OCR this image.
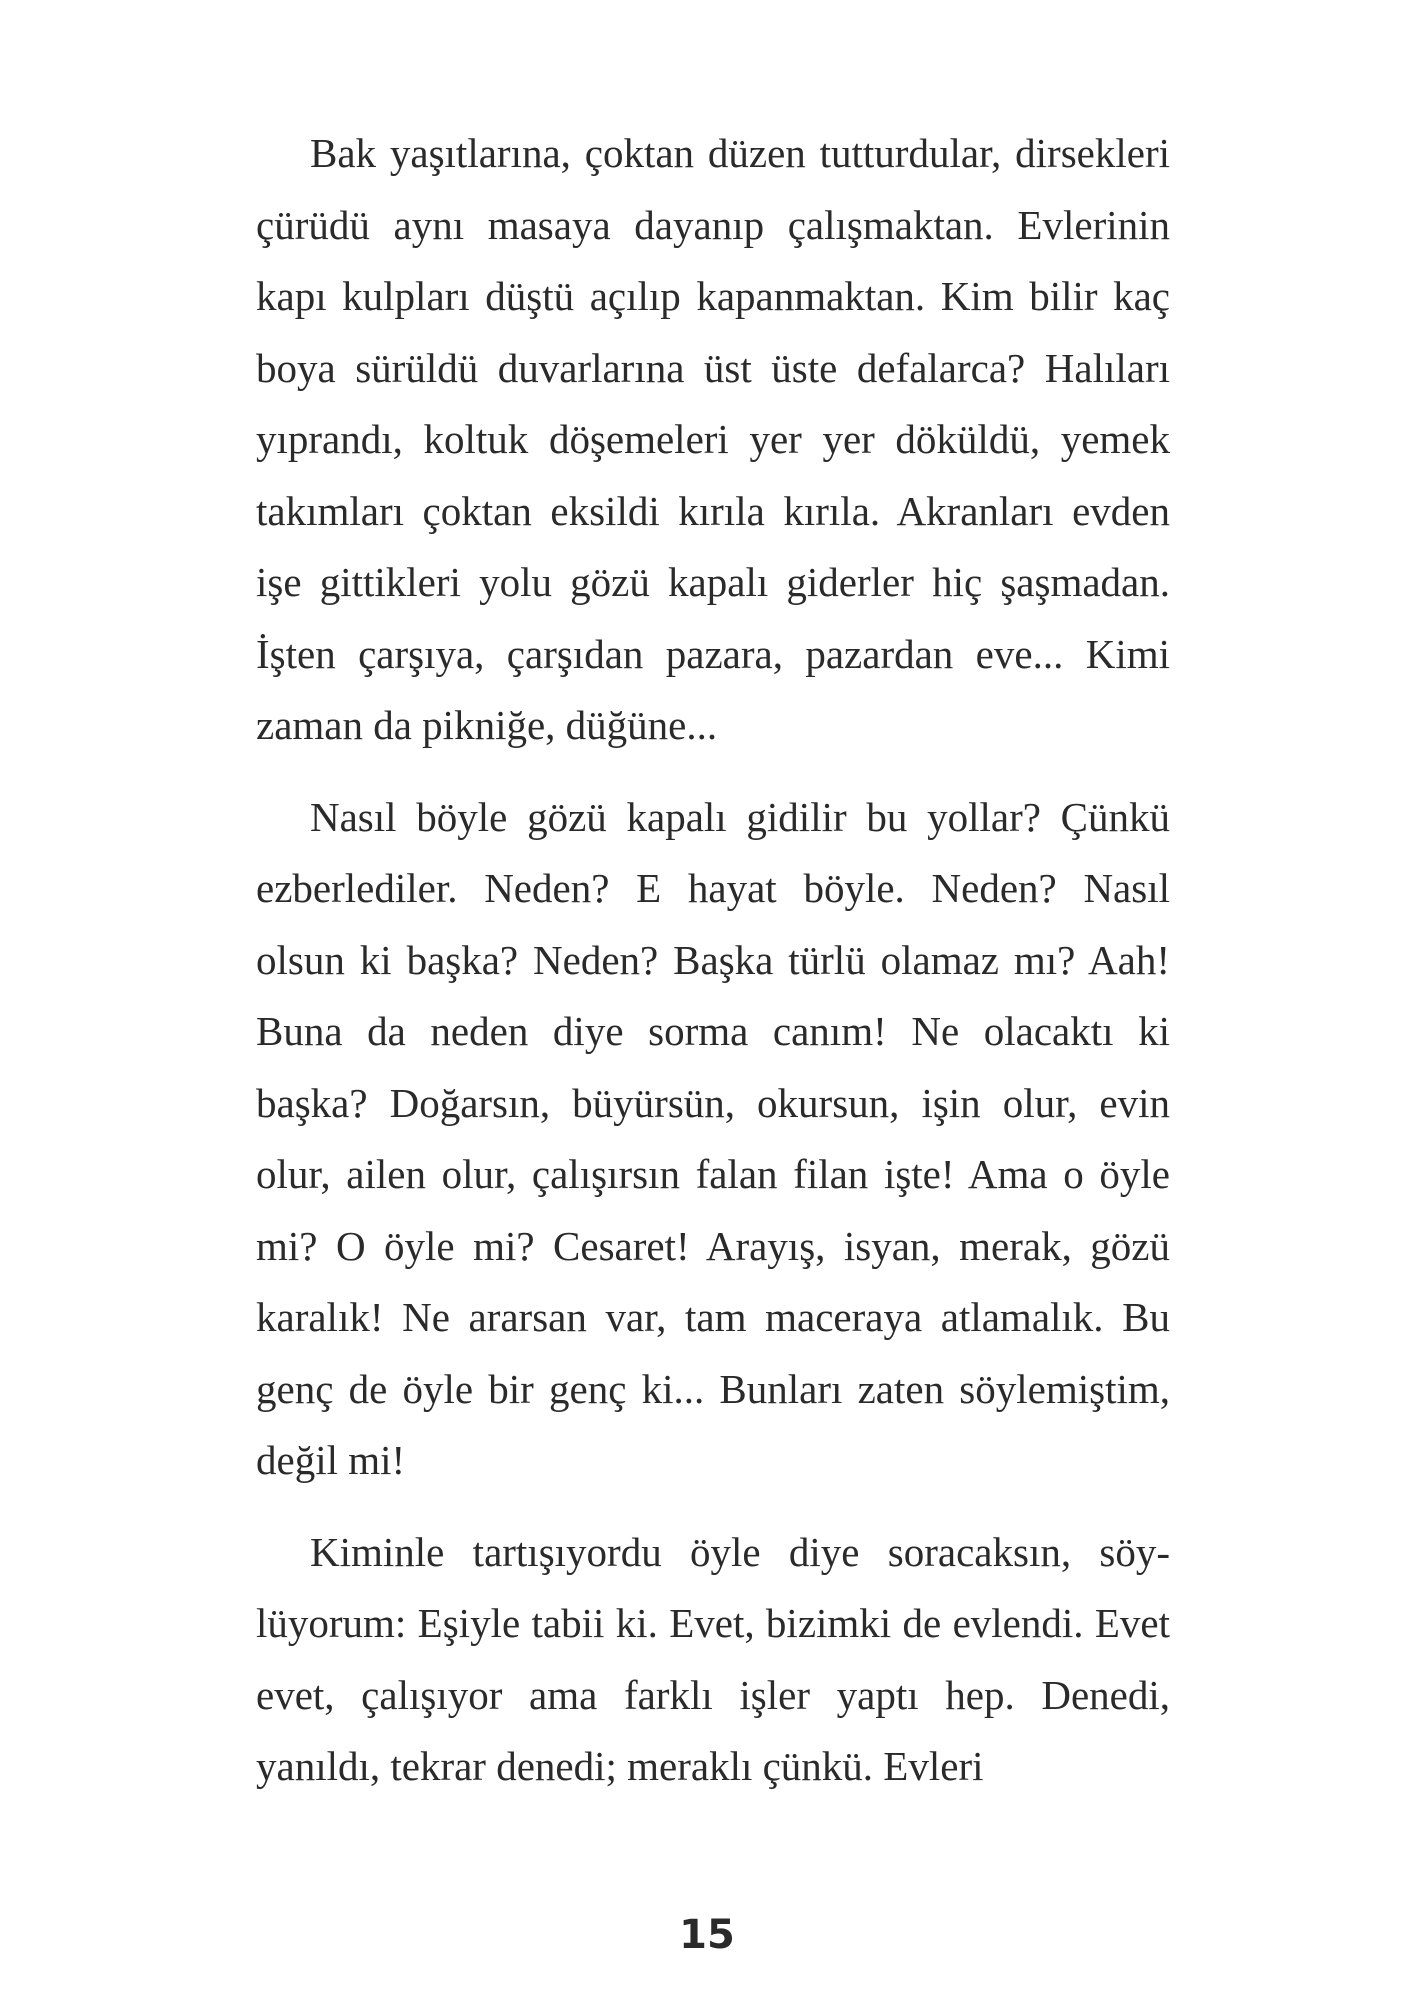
Bak yaşıtlarına, çoktan düzen tutturdular, dirsekleri çürüdü aynı masaya dayanıp çalışmaktan. Evlerinin kapı kulpları düştü açılıp kapanmaktan. Kim bilir kaç boya sürüldü duvarlarına üst üste defalarca? Halıları yıprandı, koltuk döşemeleri yer yer döküldü, yemek takımları çoktan eksildi kırıla kırıla. Akranları evden işe gittikleri yolu gözü kapalı giderler hiç şaşmadan. İşten çarşıya, çarşıdan pazara, pazardan eve... Kimi zaman da pikniğe, düğüne...

Nasıl böyle gözü kapalı gidilir bu yollar? Çünkü ezberlediler. Neden? E hayat böyle. Neden? Nasıl olsun ki başka? Neden? Başka türlü olamaz mı? Aah! Buna da neden diye sorma canım! Ne olacaktı ki başka? Doğarsın, büyürsün, okursun, işin olur, evin olur, ailen olur, çalışırsın falan filan işte! Ama o öyle mi? O öyle mi? Cesaret! Arayış, isyan, merak, gözü karalık! Ne ararsan var, tam maceraya atlamalık. Bu genç de öyle bir genç ki... Bunları zaten söylemiştim, değil mi!

Kiminle tartışıyordu öyle diye soracaksın, söylüyorum: Eşiyle tabii ki. Evet, bizimki de evlendi. Evet evet, çalışıyor ama farklı işler yaptı hep. Denedi, yanıldı, tekrar denedi; meraklı çünkü. Evleri

15
